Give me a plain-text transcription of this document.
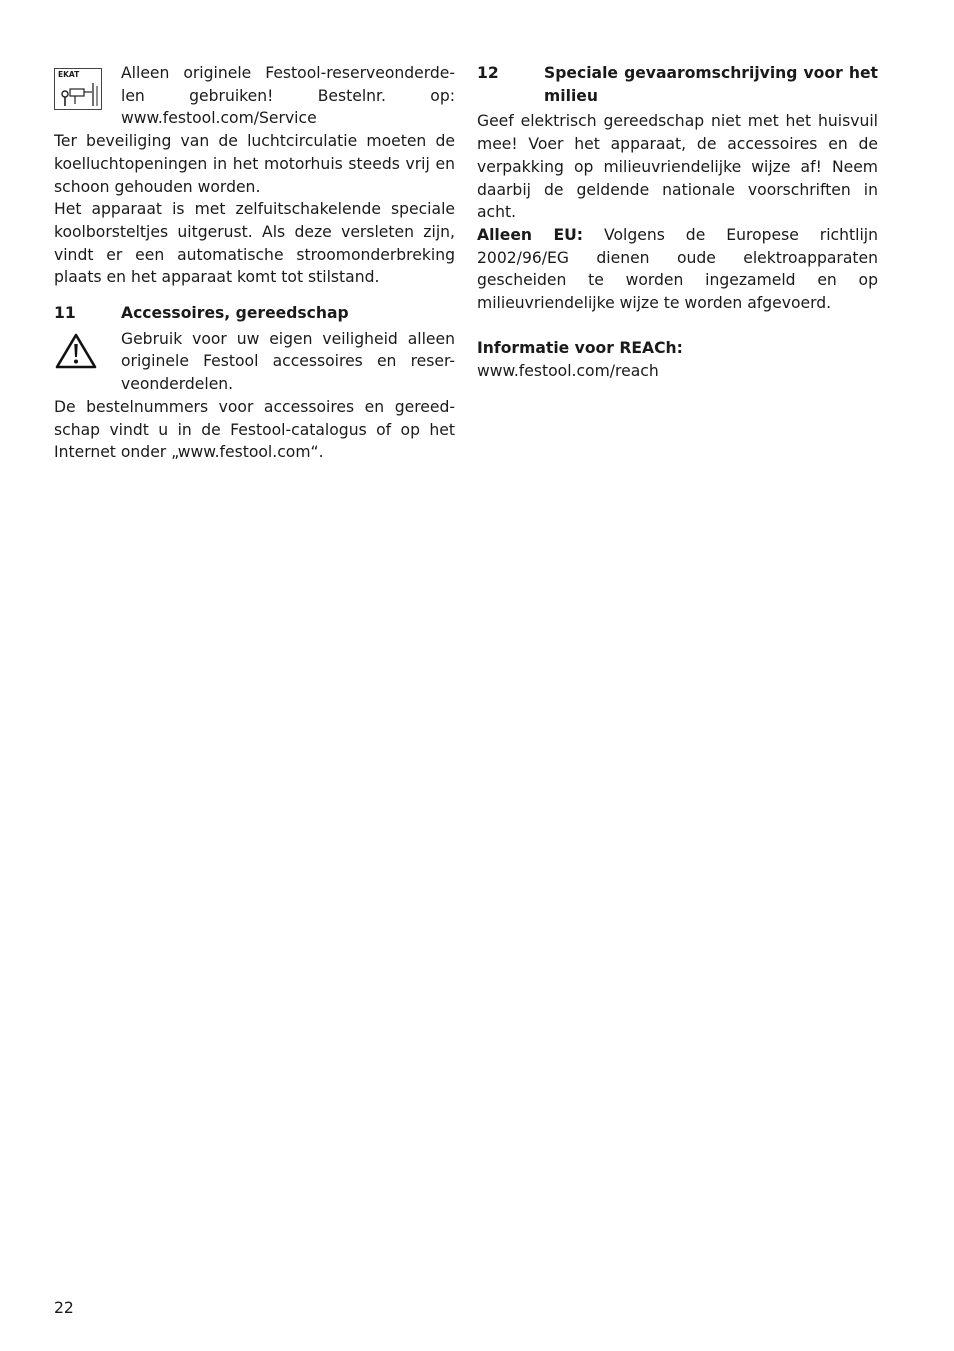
EKAT	Alleen originele Festool-reserveonderde-len gebruiken! Bestelnr. op: www.festool.com/Service

Ter beveiliging van de luchtcirculatie moeten de koelluchtopeningen in het motorhuis steeds vrij en schoon gehouden worden.

Het apparaat is met zelfuitschakelende speciale koolborsteltjes uitgerust. Als deze versleten zijn, vindt er een automatische stroomonderbreking plaats en het apparaat komt tot stilstand.

11	Accessoires, gereedschap

Gebruik voor uw eigen veiligheid alleen originele Festool accessoires en reser-veonderdelen.

De bestelnummers voor accessoires en gereed-schap vindt u in de Festool-catalogus of op het Internet onder „www.festool.com“.

12	Speciale gevaaromschrijving voor het milieu

Geef elektrisch gereedschap niet met het huisvuil mee! Voer het apparaat, de accessoires en de verpakking op milieuvriendelijke wijze af! Neem daarbij de geldende nationale voorschriften in acht.

Alleen EU: Volgens de Europese richtlijn 2002/96/EG dienen oude elektroapparaten gescheiden te worden ingezameld en op milieuvriendelijke wijze te worden afgevoerd.

Informatie voor REACh:

www.festool.com/reach

22
